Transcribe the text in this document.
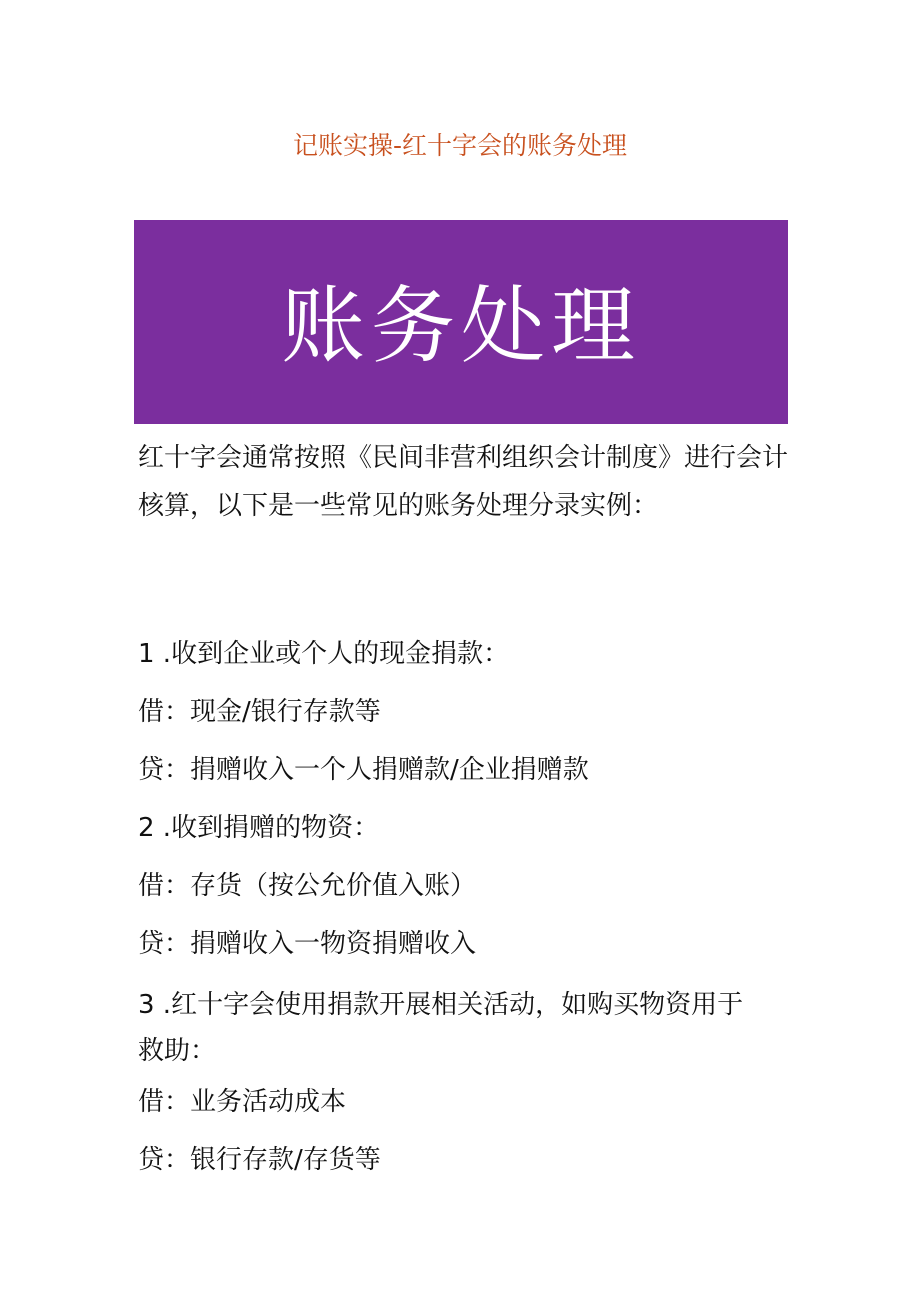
记账实操-红十字会的账务处理
账务处理

红十字会通常按照《民间非营利组织会计制度》进行会计核算，以下是一些常见的账务处理分录实例：

1 .收到企业或个人的现金捐款：

借：现金/银行存款等

贷：捐赠收入一个人捐赠款/企业捐赠款

2 .收到捐赠的物资：

借：存货（按公允价值入账）

贷：捐赠收入一物资捐赠收入

3 .红十字会使用捐款开展相关活动，如购买物资用于救助：

借：业务活动成本

贷：银行存款/存货等
